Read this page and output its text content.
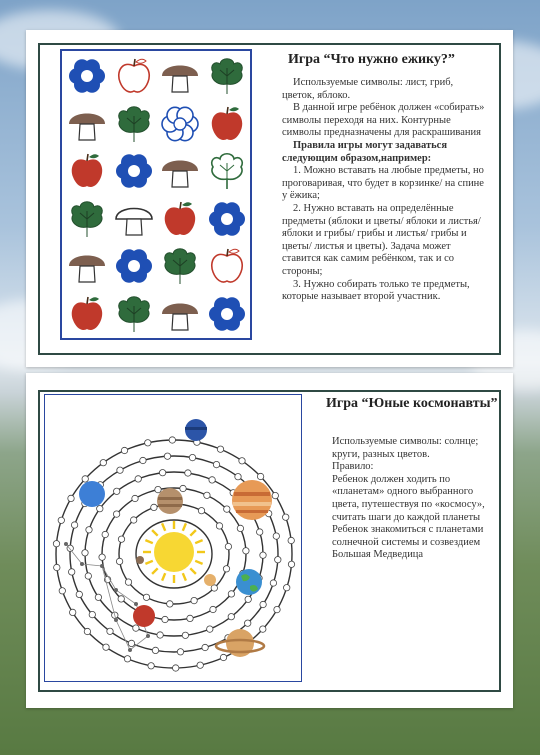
Игра “Что нужно ежику?”

Используемые символы: лист, гриб, цветок, яблоко.

В данной игре ребёнок должен «собирать» символы переходя на них. Контурные символы предназначены для раскрашивания

Правила игры могут задаваться следующим образом,например:

1. Можно вставать на любые предметы, но проговаривая, что будет в корзинке/ на спине у ёжика;

2. Нужно вставать на определённые предметы (яблоки и цветы/ яблоки и листья/ яблоки и грибы/ грибы и листья/ грибы и цветы/ листья и цветы). Задача может ставится как самим ребёнком, так и со стороны;

3. Нужно собирать только те предметы, которые называет второй участник.

Игра “Юные космонавты”

Используемые символы: солнце; круги, разных цветов.

Правило:

Ребенок должен ходить по «планетам» одного выбранного цвета, путешествуя по «космосу», считать шаги до каждой планеты Ребенок знакомиться с планетами солнечной системы и созвездием Большая Медведица
